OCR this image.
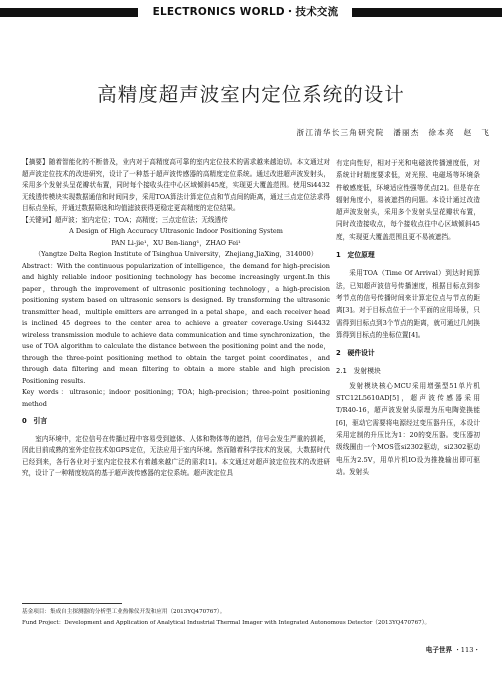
ELECTRONICS WORLD・技术交流
高精度超声波室内定位系统的设计
浙江清华长三角研究院　潘丽杰　徐本亮　赵　飞

【摘要】随着智能化的不断普及，业内对于高精度高可靠的室内定位技术的需求越来越迫切。本文通过对超声波定位技术的改进研究，设计了一种基于超声波传感器的高精度定位系统。通过改进超声波发射头，采用多个发射头呈花瓣状布置，同时每个接收头往中心区域倾斜45度，实现更大覆盖范围。使用Si4432无线透传模块实现数据通信和时间同步，采用TOA算法计算定位点和节点间的距离，通过三点定位法求得目标点坐标，并通过数据筛选和均值滤波获得更稳定更高精度的定位结果。

【关键词】超声波；室内定位；TOA；高精度；三点定位法；无线透传

A Design of High Accuracy Ultrasonic Indoor Positioning System

PAN Li-jie¹，XU Ben-liang¹，ZHAO Fei¹

（Yangtze Delta Region Institute of Tsinghua University，Zhejiang,JiaXing，314000）

Abstract：With the continuous popularization of intelligence，the demand for high-precision and highly reliable indoor positioning technology has become increasingly urgent.In this paper，through the improvement of ultrasonic positioning technology，a high-precision positioning system based on ultrasonic sensors is designed. By transforming the ultrasonic transmitter head，multiple emitters are arranged in a petal shape，and each receiver head is inclined 45 degrees to the center area to achieve a greater coverage.Using Si4432 wireless transmission module to achieve data communication and time synchronization，the use of TOA algorithm to calculate the distance between the positioning point and the node，through the three-point positioning method to obtain the target point coordinates，and through data filtering and mean filtering to obtain a more stable and high precision Positioning results.

Key words：ultrasonic；indoor positioning；TOA；high-precision；three-point positioning method

0　引言

室内环境中，定位信号在传播过程中容易受到遮体、人体和物体等的遮挡，信号会发生严重的损耗，因此目前成熟的室外定位技术如GPS定位，无法应用于室内环境。然而随着科学技术的发展，大数据时代已经到来，各行各业对于室内定位技术有着越来越广泛的需求[1]。本文通过对超声波定位技术的改进研究，设计了一种精度较高的基于超声波传感器的定位系统。超声波定位具

有定向性好，相对于光和电磁波传播速度低，对系统计时精度要求低，对光照、电磁场等环境条件敏感度低，环境适应性强等优点[2]。但是存在辐射角度小，易被遮挡的问题。本设计通过改造超声波发射头，采用多个发射头呈花瓣状布置，同时改造接收点，每个接收点往中心区域倾斜45度，实现更大覆盖范围且更不易被遮挡。

1　定位原理

采用TOA（Time Of Arrival）到达时间算法，已知超声波信号传播速度，根据目标点到参考节点的信号传播时间来计算定位点与节点的距离[3]。对于目标点位于一个平面的应用场景，只需得到目标点到3个节点的距离，就可通过几何换算得到目标点的坐标位置[4]。

2　硬件设计
2.1　发射模块

发射模块核心MCU采用增强型51单片机STC12L5610AD[5]，超声波传感器采用T/R40-16，超声波发射头原理为压电陶瓷换能[6]，驱动它需要将电源经过变压器升压，本设计采用定制的升压比为1：20的变压器。变压器初级线圈由一个MOS管si2302驱动，si2302驱动电压为2.5V，用单片机IO设为推挽输出即可驱动。发射头

基金项目：集成自主探测器的分析型工业热像仪开发和应用（2013YQ470767）。
Fund Project：Development and Application of Analytical Industrial Thermal Imager with Integrated Autonomous Detector（2013YQ470767）。
电子世界 ・113・
